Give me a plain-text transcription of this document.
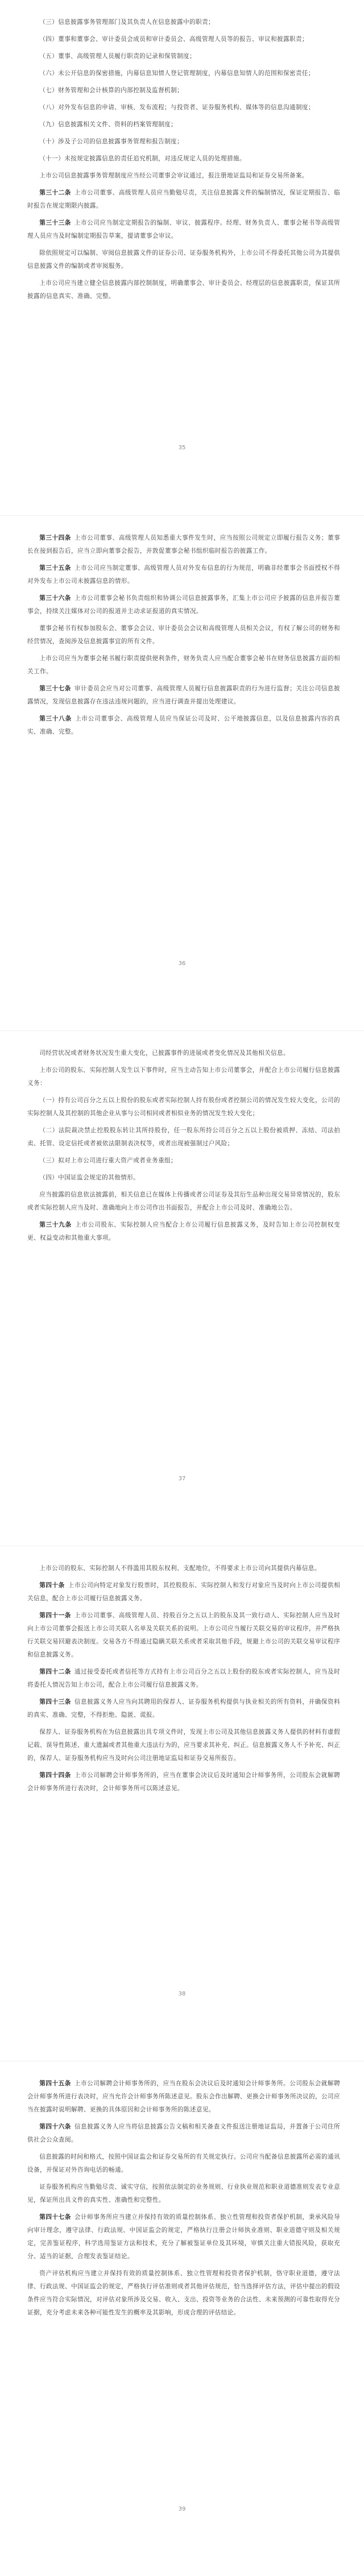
（三）信息披露事务管理部门及其负责人在信息披露中的职责；

（四）董事和董事会、审计委员会成员和审计委员会、高级管理人员等的报告、审议和披露职责；

（五）董事、高级管理人员履行职责的记录和保管制度；

（六）未公开信息的保密措施，内幕信息知情人登记管理制度，内幕信息知情人的范围和保密责任；

（七）财务管理和会计核算的内部控制及监督机制；

（八）对外发布信息的申请、审核、发布流程；与投资者、证券服务机构、媒体等的信息沟通制度；

（九）信息披露相关文件、资料的档案管理制度；

（十）涉及子公司的信息披露事务管理和报告制度；

（十一）未按规定披露信息的责任追究机制，对违反规定人员的处理措施。

上市公司信息披露事务管理制度应当经公司董事会审议通过，报注册地证监局和证券交易所备案。

第三十二条 上市公司董事、高级管理人员应当勤勉尽责，关注信息披露文件的编制情况，保证定期报告、临时报告在规定期限内披露。

第三十三条 上市公司应当制定定期报告的编制、审议、披露程序。经理、财务负责人、董事会秘书等高级管理人员应当及时编制定期报告草案，提请董事会审议。

除依照规定可以编制、审阅信息披露文件的证券公司、证券服务机构外，上市公司不得委托其他公司为其提供信息披露文件的编制或者审阅服务。

上市公司应当建立健全信息披露内部控制制度，明确董事会、审计委员会、经理层的信息披露职责，保证其所披露的信息真实、准确、完整。

35

第三十四条 上市公司董事、高级管理人员知悉重大事件发生时，应当按照公司规定立即履行报告义务；董事长在接到报告后，应当立即向董事会报告，并敦促董事会秘书组织临时报告的披露工作。

第三十五条 上市公司应当制定董事、高级管理人员对外发布信息的行为规范，明确非经董事会书面授权不得对外发布上市公司未披露信息的情形。

第三十六条 上市公司董事会秘书负责组织和协调公司信息披露事务，汇集上市公司应予披露的信息并报告董事会，持续关注媒体对公司的报道并主动求证报道的真实情况。

董事会秘书有权参加股东会、董事会会议、审计委员会会议和高级管理人员相关会议，有权了解公司的财务和经营情况，查阅涉及信息披露事宜的所有文件。

上市公司应当为董事会秘书履行职责提供便利条件，财务负责人应当配合董事会秘书在财务信息披露方面的相关工作。

第三十七条 审计委员会应当对公司董事、高级管理人员履行信息披露职责的行为进行监督；关注公司信息披露情况，发现信息披露存在违法违规问题的，应当进行调查并提出处理建议。

第三十八条 上市公司董事会、高级管理人员应当保证公司及时、公平地披露信息，以及信息披露内容的真实、准确、完整。

36

司经营状况或者财务状况发生重大变化，已披露事件的进展或者变化情况及其他相关信息。

上市公司的股东、实际控制人发生以下事件时，应当主动告知上市公司董事会，并配合上市公司履行信息披露义务：

（一）持有公司百分之五以上股份的股东或者实际控制人持有股份或者控制公司的情况发生较大变化，公司的实际控制人及其控制的其他企业从事与公司相同或者相似业务的情况发生较大变化；

（二）法院裁决禁止控股股东转让其所持股份，任一股东所持公司百分之五以上股份被质押、冻结、司法拍卖、托管、设定信托或者被依法限制表决权等，或者出现被强制过户风险；

（三）拟对上市公司进行重大资产或者业务重组；

（四）中国证监会规定的其他情形。

应当披露的信息依法披露前，相关信息已在媒体上传播或者公司证券及其衍生品种出现交易异常情况的，股东或者实际控制人应当及时、准确地向上市公司作出书面报告，并配合上市公司及时、准确地公告。

第三十九条 上市公司股东、实际控制人应当配合上市公司履行信息披露义务，及时告知上市公司控制权变更、权益变动和其他重大事项。

37

上市公司的股东、实际控制人不得滥用其股东权利、支配地位，不得要求上市公司向其提供内幕信息。

第四十条 上市公司向特定对象发行股票时，其控股股东、实际控制人和发行对象应当及时向上市公司提供相关信息，配合上市公司履行信息披露义务。

第四十一条 上市公司董事、高级管理人员、持股百分之五以上的股东及其一致行动人、实际控制人应当及时向上市公司董事会报送上市公司关联人名单及关联关系的说明。上市公司应当履行关联交易的审议程序，并严格执行关联交易回避表决制度。交易各方不得通过隐瞒关联关系或者采取其他手段，规避上市公司的关联交易审议程序和信息披露义务。

第四十二条 通过接受委托或者信托等方式持有上市公司百分之五以上股份的股东或者实际控制人，应当及时将委托人情况告知上市公司，配合上市公司履行信息披露义务。

第四十三条 信息披露义务人应当向其聘用的保荐人、证券服务机构提供与执业相关的所有资料，并确保资料的真实、准确、完整，不得拒绝、隐匿、谎报。

保荐人、证券服务机构在为信息披露出具专项文件时，发现上市公司及其他信息披露义务人提供的材料有虚假记载、误导性陈述、重大遗漏或者其他重大违法行为的，应当要求其补充、纠正。信息披露义务人不予补充、纠正的，保荐人、证券服务机构应当及时向公司注册地证监局和证券交易所报告。

第四十四条 上市公司解聘会计师事务所的，应当在董事会决议后及时通知会计师事务所，公司股东会就解聘会计师事务所进行表决时，会计师事务所可以陈述意见。

38

第四十五条 上市公司解聘会计师事务所的，应当在股东会决议后及时通知会计师事务所。公司股东会就解聘会计师事务所进行表决时，应当允许会计师事务所陈述意见。股东会作出解聘、更换会计师事务所决议的，公司应当在披露时说明解聘、更换的具体原因和会计师事务所的陈述意见。

第四十六条 信息披露义务人应当将信息披露公告文稿和相关备查文件报送注册地证监局，并置备于公司住所供社会公众查阅。

信息披露的时间和格式，按照中国证监会和证券交易所的有关规定执行。公司应当配备信息披露所必需的通讯设备，并保证对外咨询电话的畅通。

证券服务机构应当勤勉尽责、诚实守信，按照依法制定的业务规则、行业执业规范和职业道德准则发表专业意见，保证所出具文件的真实性、准确性和完整性。

第四十七条 会计师事务所应当建立并保持有效的质量控制体系、独立性管理和投资者保护机制，秉承风险导向审计理念，遵守法律、行政法规、中国证监会的规定，严格执行注册会计师执业准则、职业道德守则及相关规定，完善鉴证程序，科学选用鉴证方法和技术，充分了解被鉴证单位及其环境，审慎关注重大错报风险，获取充分、适当的证据，合理发表鉴证结论。

资产评估机构应当建立并保持有效的质量控制体系、独立性管理和投资者保护机制，恪守职业道德，遵守法律、行政法规、中国证监会的规定，严格执行评估准则或者其他评估规范，恰当选择评估方法，评估中提出的假设条件应当符合实际情况，对评估对象所涉及交易、收入、支出、投资等业务的合法性、未来预测的可靠性取得充分证据，充分考虑未来各种可能性发生的概率及其影响，形成合理的评估结论。

39
